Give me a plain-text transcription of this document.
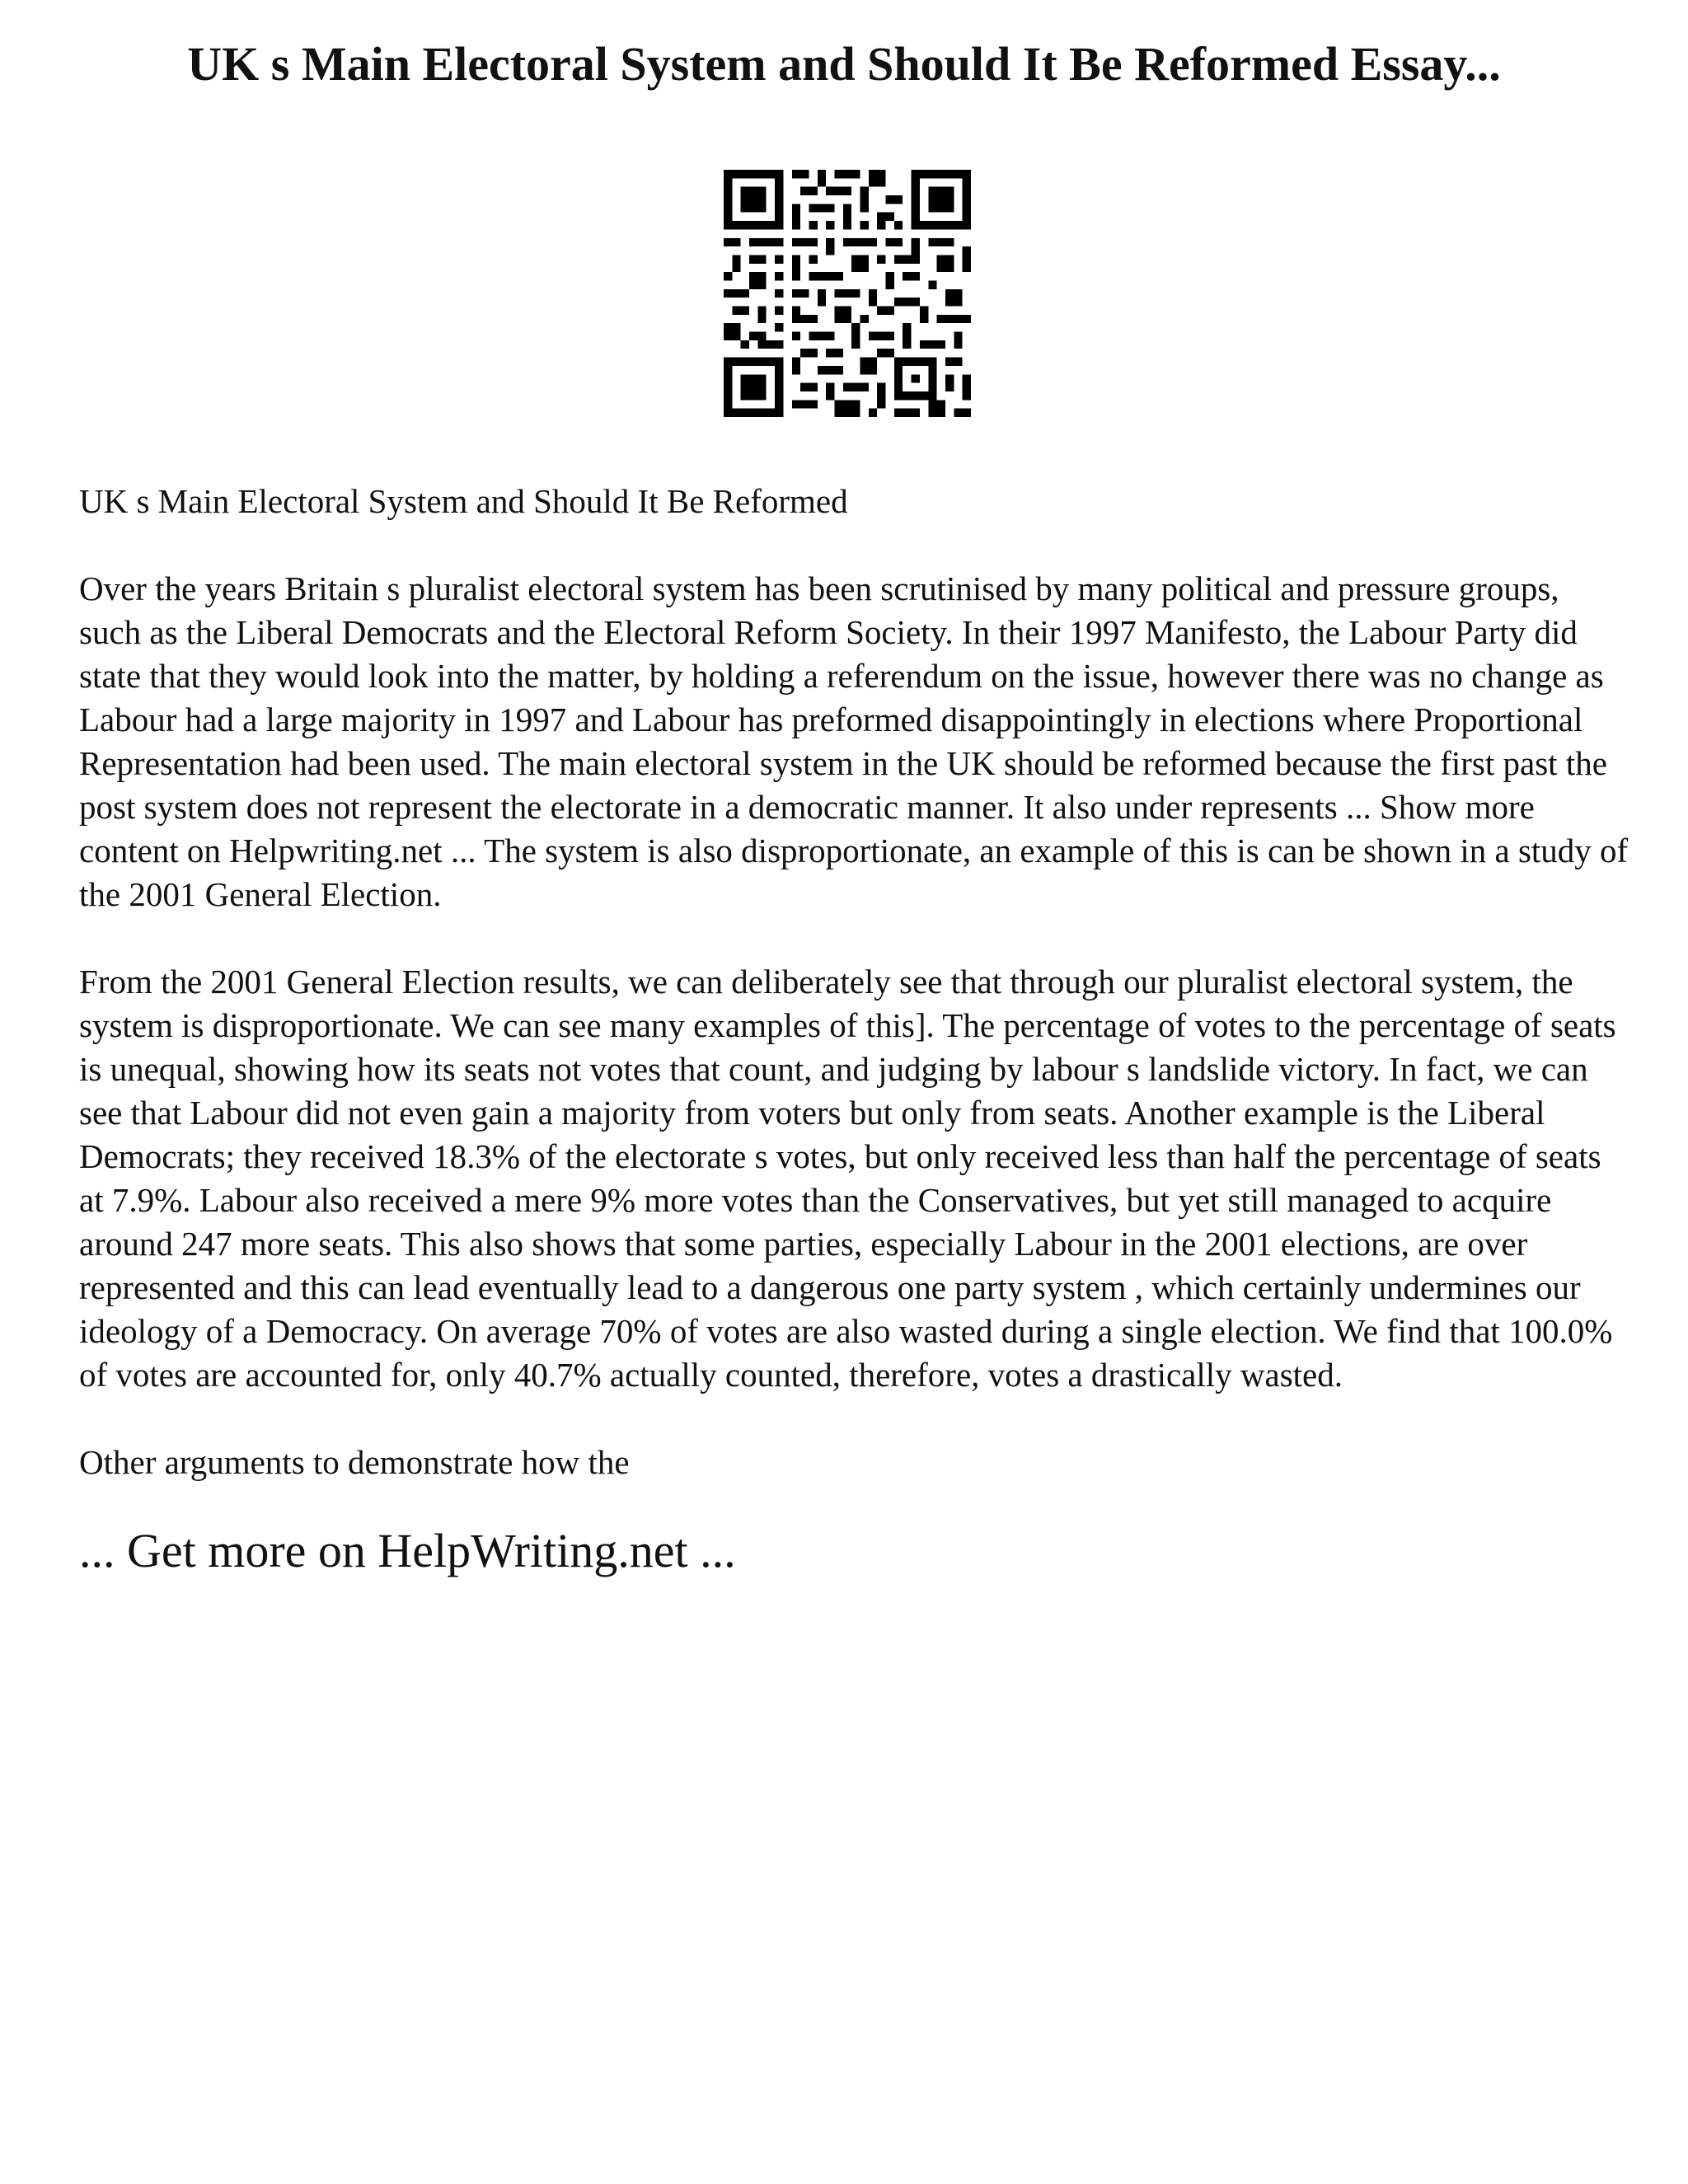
UK s Main Electoral System and Should It Be Reformed Essay...

UK s Main Electoral System and Should It Be Reformed

Over the years Britain s pluralist electoral system has been scrutinised by many political and pressure groups, such as the Liberal Democrats and the Electoral Reform Society. In their 1997 Manifesto, the Labour Party did state that they would look into the matter, by holding a referendum on the issue, however there was no change as Labour had a large majority in 1997 and Labour has preformed disappointingly in elections where Proportional Representation had been used. The main electoral system in the UK should be reformed because the first past the post system does not represent the electorate in a democratic manner. It also under represents ... Show more content on Helpwriting.net ... The system is also disproportionate, an example of this is can be shown in a study of the 2001 General Election.

From the 2001 General Election results, we can deliberately see that through our pluralist electoral system, the system is disproportionate. We can see many examples of this]. The percentage of votes to the percentage of seats is unequal, showing how its seats not votes that count, and judging by labour s landslide victory. In fact, we can see that Labour did not even gain a majority from voters but only from seats. Another example is the Liberal Democrats; they received 18.3% of the electorate s votes, but only received less than half the percentage of seats at 7.9%. Labour also received a mere 9% more votes than the Conservatives, but yet still managed to acquire around 247 more seats. This also shows that some parties, especially Labour in the 2001 elections, are over represented and this can lead eventually lead to a dangerous one party system , which certainly undermines our ideology of a Democracy. On average 70% of votes are also wasted during a single election. We find that 100.0% of votes are accounted for, only 40.7% actually counted, therefore, votes a drastically wasted.

Other arguments to demonstrate how the

... Get more on HelpWriting.net ...
